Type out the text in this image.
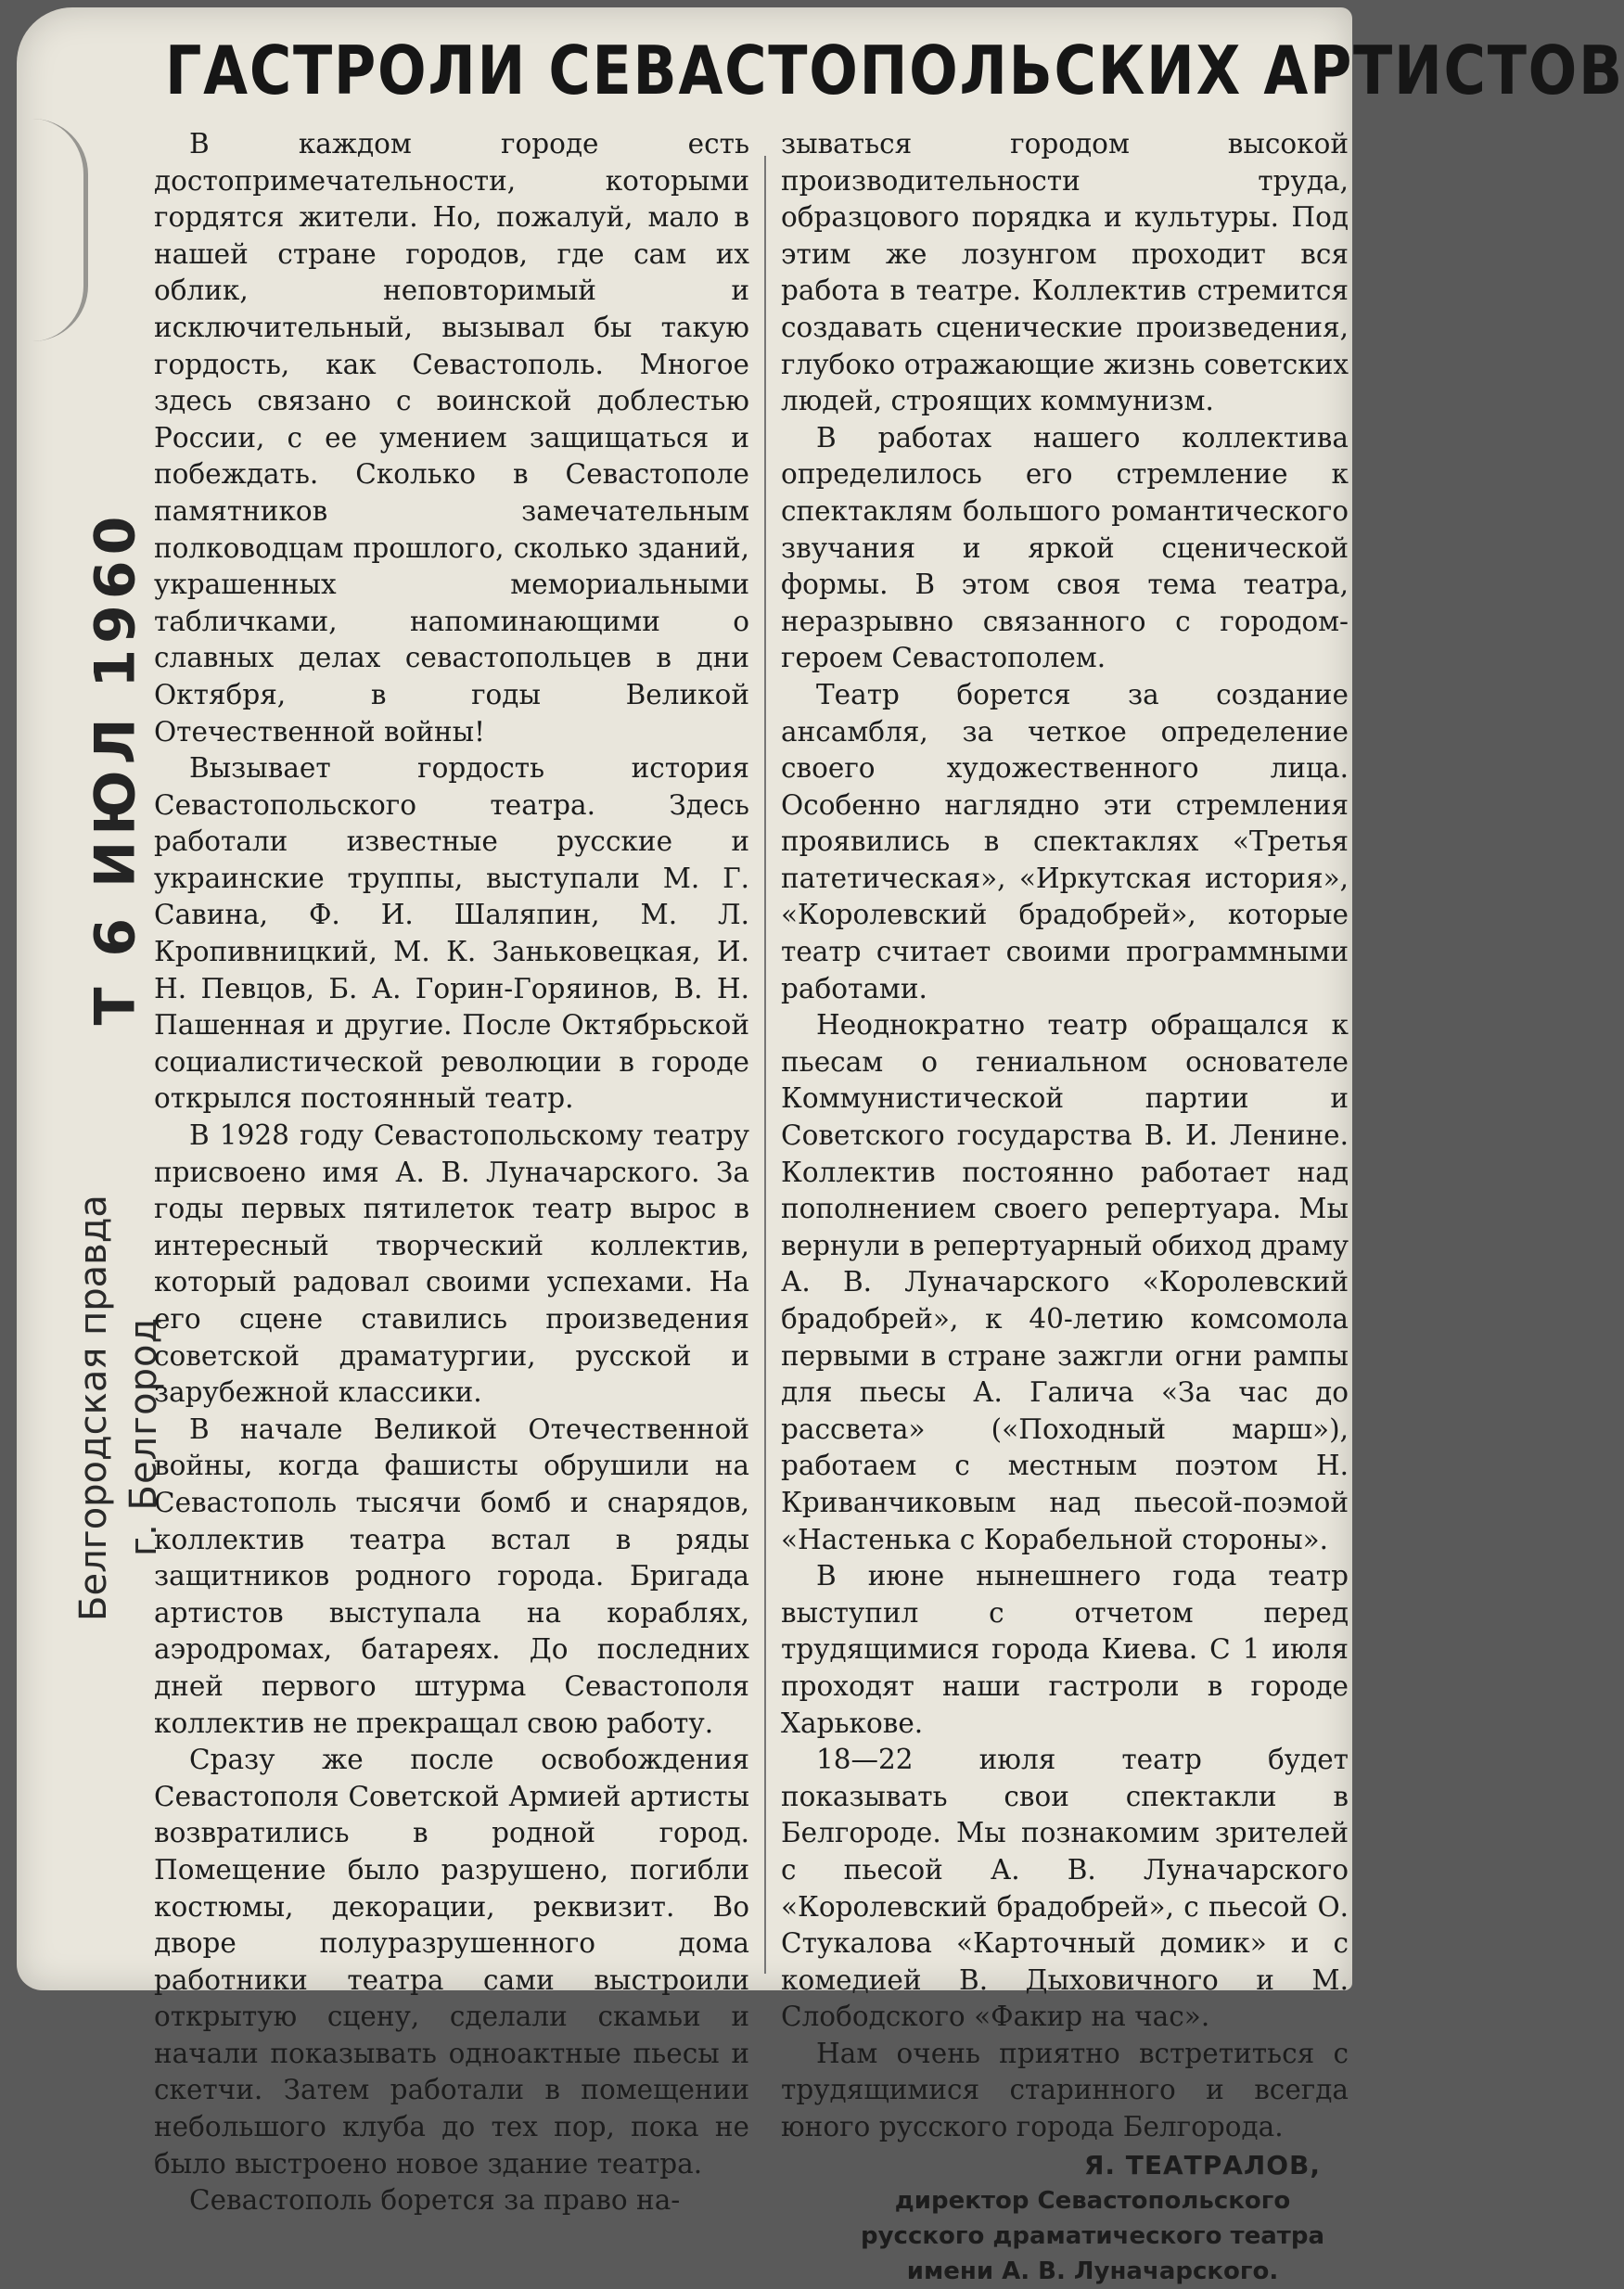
ГАСТРОЛИ СЕВАСТОПОЛЬСКИХ АРТИСТОВ
Т 6 ИЮЛ 1960
Белгородская правда г. Белгород

В каждом городе есть достопримечательности, которыми гордятся жители. Но, пожалуй, мало в нашей стране городов, где сам их облик, неповторимый и исключительный, вызывал бы такую гордость, как Севастополь. Многое здесь связано с воинской доблестью России, с ее умением защищаться и побеждать. Сколько в Севастополе памятников замечательным полководцам прошлого, сколько зданий, украшенных мемориальными табличками, напоминающими о славных делах севастопольцев в дни Октября, в годы Великой Отечественной войны!

Вызывает гордость история Севастопольского театра. Здесь работали известные русские и украинские труппы, выступали М. Г. Савина, Ф. И. Шаляпин, М. Л. Кропивницкий, М. К. Заньковецкая, И. Н. Певцов, Б. А. Горин-Горяинов, В. Н. Пашенная и другие. После Октябрьской социалистической революции в городе открылся постоянный театр.

В 1928 году Севастопольскому театру присвоено имя А. В. Луначарского. За годы первых пятилеток театр вырос в интересный творческий коллектив, который радовал своими успехами. На его сцене ставились произведения советской драматургии, русской и зарубежной классики.

В начале Великой Отечественной войны, когда фашисты обрушили на Севастополь тысячи бомб и снарядов, коллектив театра встал в ряды защитников родного города. Бригада артистов выступала на кораблях, аэродромах, батареях. До последних дней первого штурма Севастополя коллектив не прекращал свою работу.

Сразу же после освобождения Севастополя Советской Армией артисты возвратились в родной город. Помещение было разрушено, погибли костюмы, декорации, реквизит. Во дворе полуразрушенного дома работники театра сами выстроили открытую сцену, сделали скамьи и начали показывать одноактные пьесы и скетчи. Затем работали в помещении небольшого клуба до тех пор, пока не было выстроено новое здание театра.

Севастополь борется за право на-

зываться городом высокой производительности труда, образцового порядка и культуры. Под этим же лозунгом проходит вся работа в театре. Коллектив стремится создавать сценические произведения, глубоко отражающие жизнь советских людей, строящих коммунизм.

В работах нашего коллектива определилось его стремление к спектаклям большого романтического звучания и яркой сценической формы. В этом своя тема театра, неразрывно связанного с городом-героем Севастополем.

Театр борется за создание ансамбля, за четкое определение своего художественного лица. Особенно наглядно эти стремления проявились в спектаклях «Третья патетическая», «Иркутская история», «Королевский брадобрей», которые театр считает своими программными работами.

Неоднократно театр обращался к пьесам о гениальном основателе Коммунистической партии и Советского государства В. И. Ленине. Коллектив постоянно работает над пополнением своего репертуара. Мы вернули в репертуарный обиход драму А. В. Луначарского «Королевский брадобрей», к 40-летию комсомола первыми в стране зажгли огни рампы для пьесы А. Галича «За час до рассвета» («Походный марш»), работаем с местным поэтом Н. Криванчиковым над пьесой-поэмой «Настенька с Корабельной стороны».

В июне нынешнего года театр выступил с отчетом перед трудящимися города Киева. С 1 июля проходят наши гастроли в городе Харькове.

18—22 июля театр будет показывать свои спектакли в Белгороде. Мы познакомим зрителей с пьесой А. В. Луначарского «Королевский брадобрей», с пьесой О. Стукалова «Карточный домик» и с комедией В. Дыховичного и М. Слободского «Факир на час».

Нам очень приятно встретиться с трудящимися старинного и всегда юного русского города Белгорода.

Я. ТЕАТРАЛОВ,
директор Севастопольского
русского драматического театра
имени А. В. Луначарского.
